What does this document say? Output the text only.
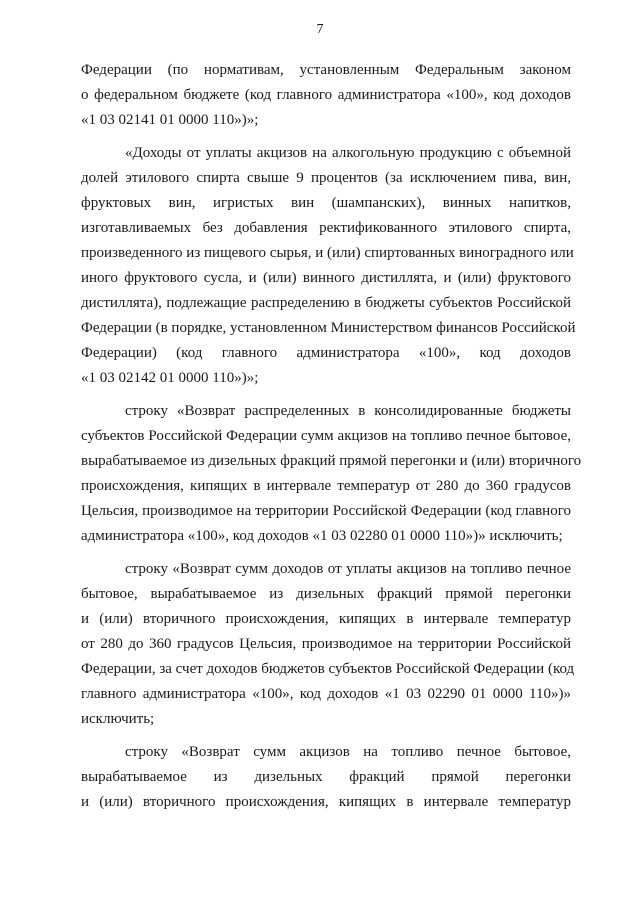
7
Федерации (по нормативам, установленным Федеральным законом
о федеральном бюджете (код главного администратора «100», код доходов
«1 03 02141 01 0000 110»)»;
«Доходы от уплаты акцизов на алкогольную продукцию с объемной
долей этилового спирта свыше 9 процентов (за исключением пива, вин,
фруктовых вин, игристых вин (шампанских), винных напитков,
изготавливаемых без добавления ректификованного этилового спирта,
произведенного из пищевого сырья, и (или) спиртованных виноградного или
иного фруктового сусла, и (или) винного дистиллята, и (или) фруктового
дистиллята), подлежащие распределению в бюджеты субъектов Российской
Федерации (в порядке, установленном Министерством финансов Российской
Федерации) (код главного администратора «100», код доходов
«1 03 02142 01 0000 110»)»;
строку «Возврат распределенных в консолидированные бюджеты
субъектов Российской Федерации сумм акцизов на топливо печное бытовое,
вырабатываемое из дизельных фракций прямой перегонки и (или) вторичного
происхождения, кипящих в интервале температур от 280 до 360 градусов
Цельсия, производимое на территории Российской Федерации (код главного
администратора «100», код доходов «1 03 02280 01 0000 110»)» исключить;
строку «Возврат сумм доходов от уплаты акцизов на топливо печное
бытовое, вырабатываемое из дизельных фракций прямой перегонки
и (или) вторичного происхождения, кипящих в интервале температур
от 280 до 360 градусов Цельсия, производимое на территории Российской
Федерации, за счет доходов бюджетов субъектов Российской Федерации (код
главного администратора «100», код доходов «1 03 02290 01 0000 110»)»
исключить;
строку «Возврат сумм акцизов на топливо печное бытовое,
вырабатываемое из дизельных фракций прямой перегонки
и (или) вторичного происхождения, кипящих в интервале температур
